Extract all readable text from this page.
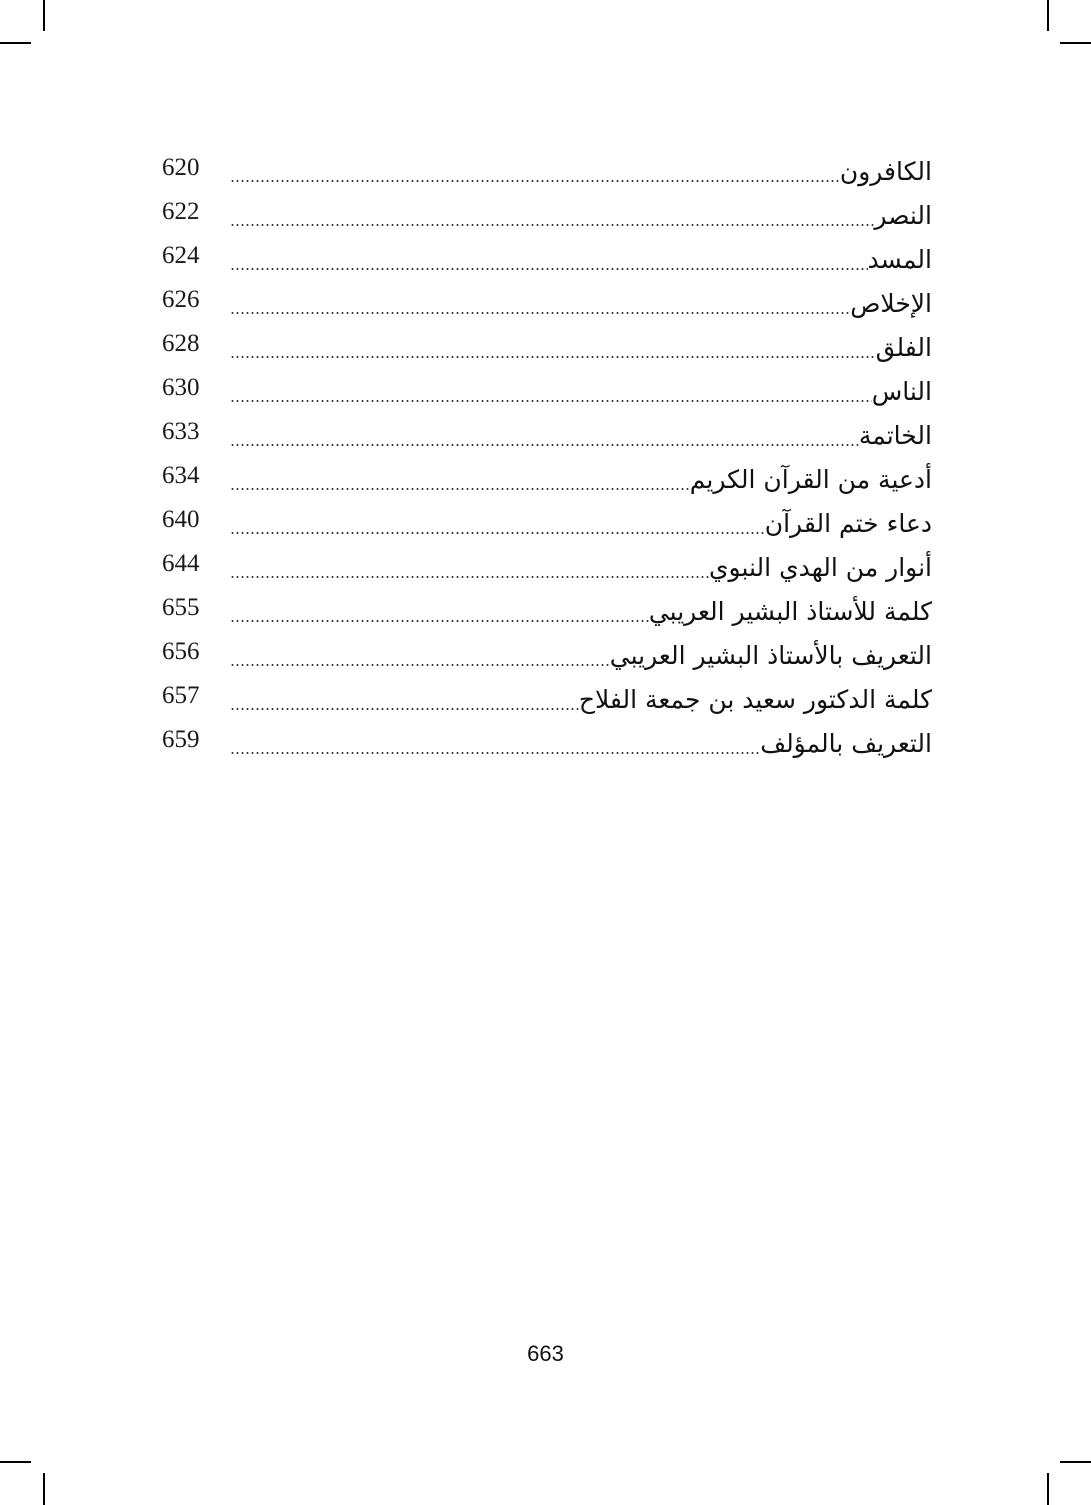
620	الكافرون
622	النصر
624	المسد
626	الإخلاص
628	الفلق
630	الناس
633	الخاتمة
634	أدعية من القرآن الكريم
640	دعاء ختم القرآن
644	أنوار من الهدي النبوي
655	كلمة للأستاذ البشير العريبي
656	التعريف بالأستاذ البشير العريبي
657	كلمة الدكتور سعيد بن جمعة الفلاح
659	التعريف بالمؤلف
663
